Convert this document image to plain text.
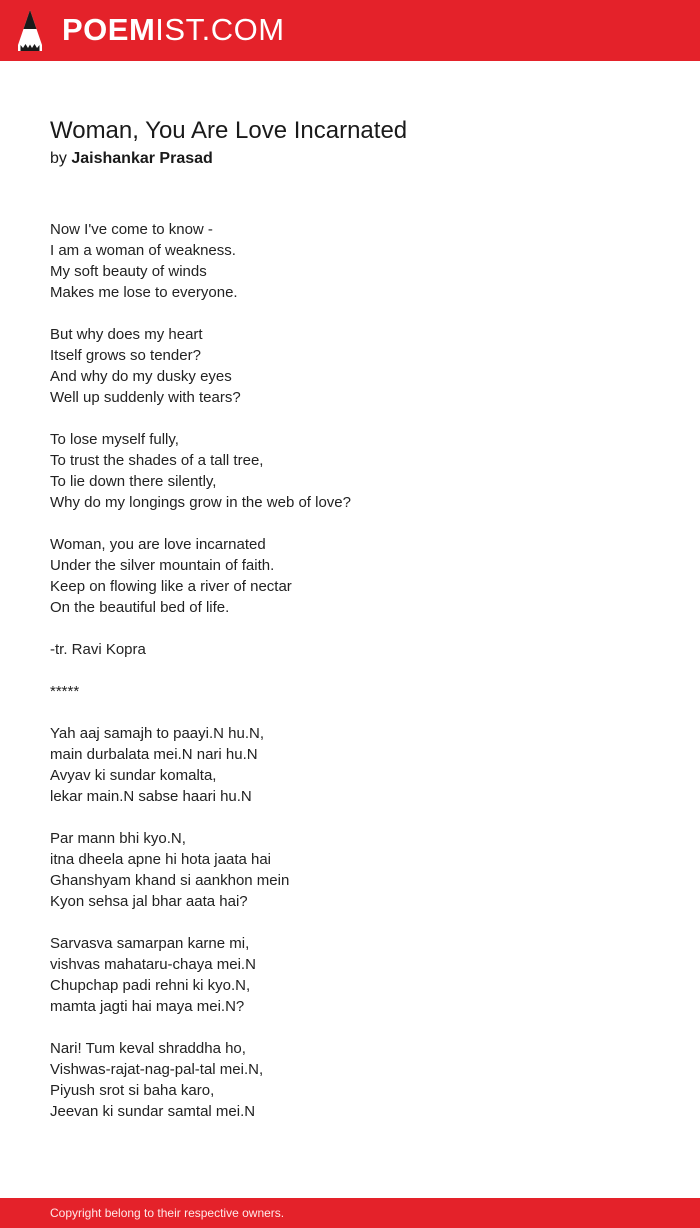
POEMIST.COM
Woman, You Are Love Incarnated
by Jaishankar Prasad
Now I've come to know -
I am a woman of weakness.
My soft beauty of winds
Makes me lose to everyone.
But why does my heart
Itself grows so tender?
And why do my dusky eyes
Well up suddenly with tears?
To lose myself fully,
To trust the shades of a tall tree,
To lie down there silently,
Why do my longings grow in the web of love?
Woman, you are love incarnated
Under the silver mountain of faith.
Keep on flowing like a river of nectar
On the beautiful bed of life.
-tr. Ravi Kopra
*****
Yah aaj samajh to paayi.N hu.N,
main durbalata mei.N nari hu.N
Avyav ki sundar komalta,
lekar main.N sabse haari hu.N
Par mann bhi kyo.N,
itna dheela apne hi hota jaata hai
Ghanshyam khand si aankhon mein
Kyon sehsa jal bhar aata hai?
Sarvasva samarpan karne mi,
vishvas mahataru-chaya mei.N
Chupchap padi rehni ki kyo.N,
mamta jagti hai maya mei.N?
Nari! Tum keval shraddha ho,
Vishwas-rajat-nag-pal-tal mei.N,
Piyush srot si baha karo,
Jeevan ki sundar samtal mei.N
Copyright belong to their respective owners.
